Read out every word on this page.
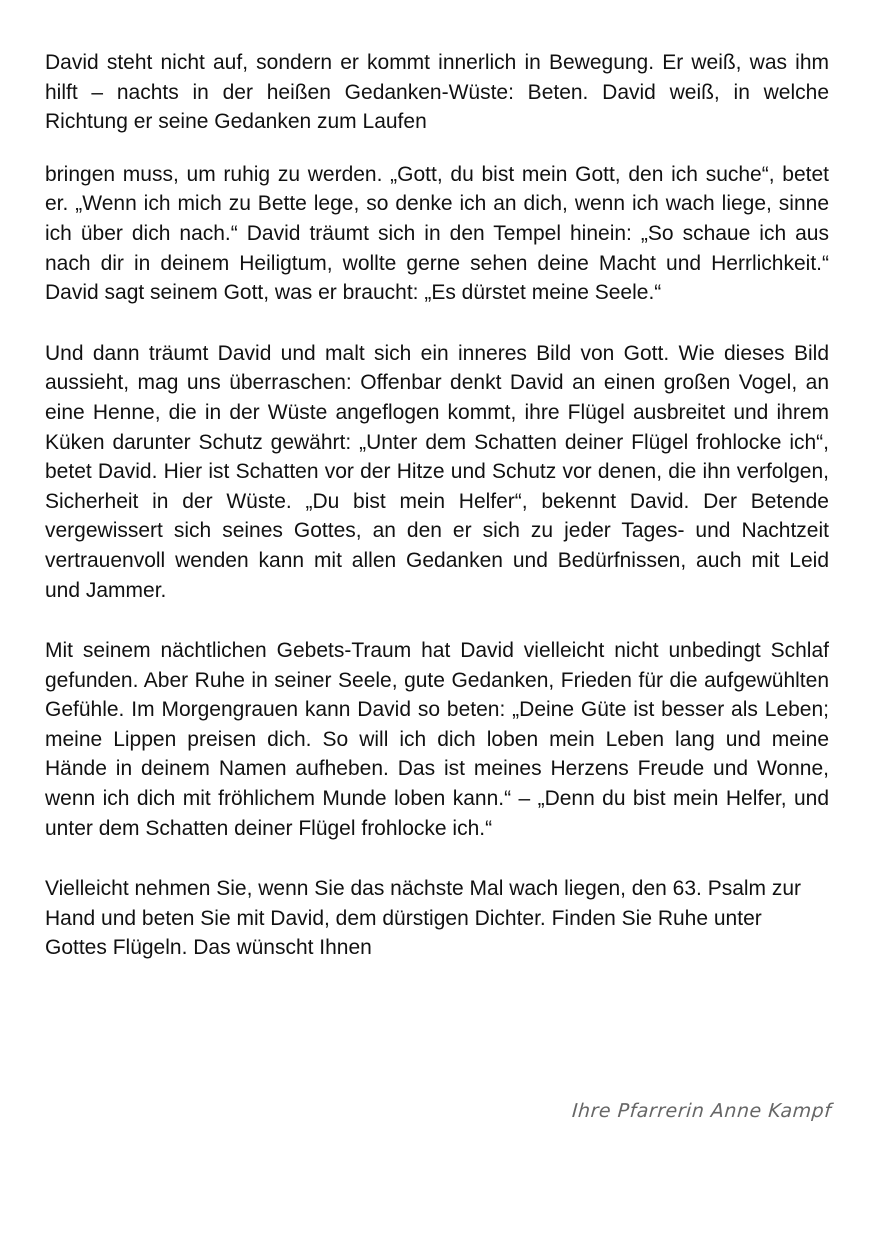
David steht nicht auf, sondern er kommt innerlich in Bewegung. Er weiß, was ihm hilft – nachts in der heißen Gedanken-Wüste: Beten. David weiß, in welche Richtung er seine Gedanken zum Laufen

bringen muss, um ruhig zu werden. „Gott, du bist mein Gott, den ich suche“, betet er. „Wenn ich mich zu Bette lege, so denke ich an dich, wenn ich wach liege, sinne ich über dich nach.“ David träumt sich in den Tempel hinein: „So schaue ich aus nach dir in deinem Heiligtum, wollte gerne sehen deine Macht und Herrlichkeit.“ David sagt seinem Gott, was er braucht: „Es dürstet meine Seele.“

Und dann träumt David und malt sich ein inneres Bild von Gott. Wie dieses Bild aussieht, mag uns überraschen: Offenbar denkt David an einen großen Vogel, an eine Henne, die in der Wüste angeflogen kommt, ihre Flügel ausbreitet und ihrem Küken darunter Schutz gewährt: „Unter dem Schatten deiner Flügel frohlocke ich“, betet David. Hier ist Schatten vor der Hitze und Schutz vor denen, die ihn verfolgen, Sicherheit in der Wüste. „Du bist mein Helfer“, bekennt David. Der Betende vergewissert sich seines Gottes, an den er sich zu jeder Tages- und Nachtzeit vertrauenvoll wenden kann mit allen Gedanken und Bedürfnissen, auch mit Leid und Jammer.

Mit seinem nächtlichen Gebets-Traum hat David vielleicht nicht unbedingt Schlaf gefunden. Aber Ruhe in seiner Seele, gute Gedanken, Frieden für die aufgewühlten Gefühle. Im Morgengrauen kann David so beten: „Deine Güte ist besser als Leben; meine Lippen preisen dich. So will ich dich loben mein Leben lang und meine Hände in deinem Namen aufheben. Das ist meines Herzens Freude und Wonne, wenn ich dich mit fröhlichem Munde loben kann.“ – „Denn du bist mein Helfer, und unter dem Schatten deiner Flügel frohlocke ich.“

Vielleicht nehmen Sie, wenn Sie das nächste Mal wach liegen, den 63. Psalm zur Hand und beten Sie mit David, dem dürstigen Dichter. Finden Sie Ruhe unter Gottes Flügeln. Das wünscht Ihnen

Ihre Pfarrerin Anne Kampf
